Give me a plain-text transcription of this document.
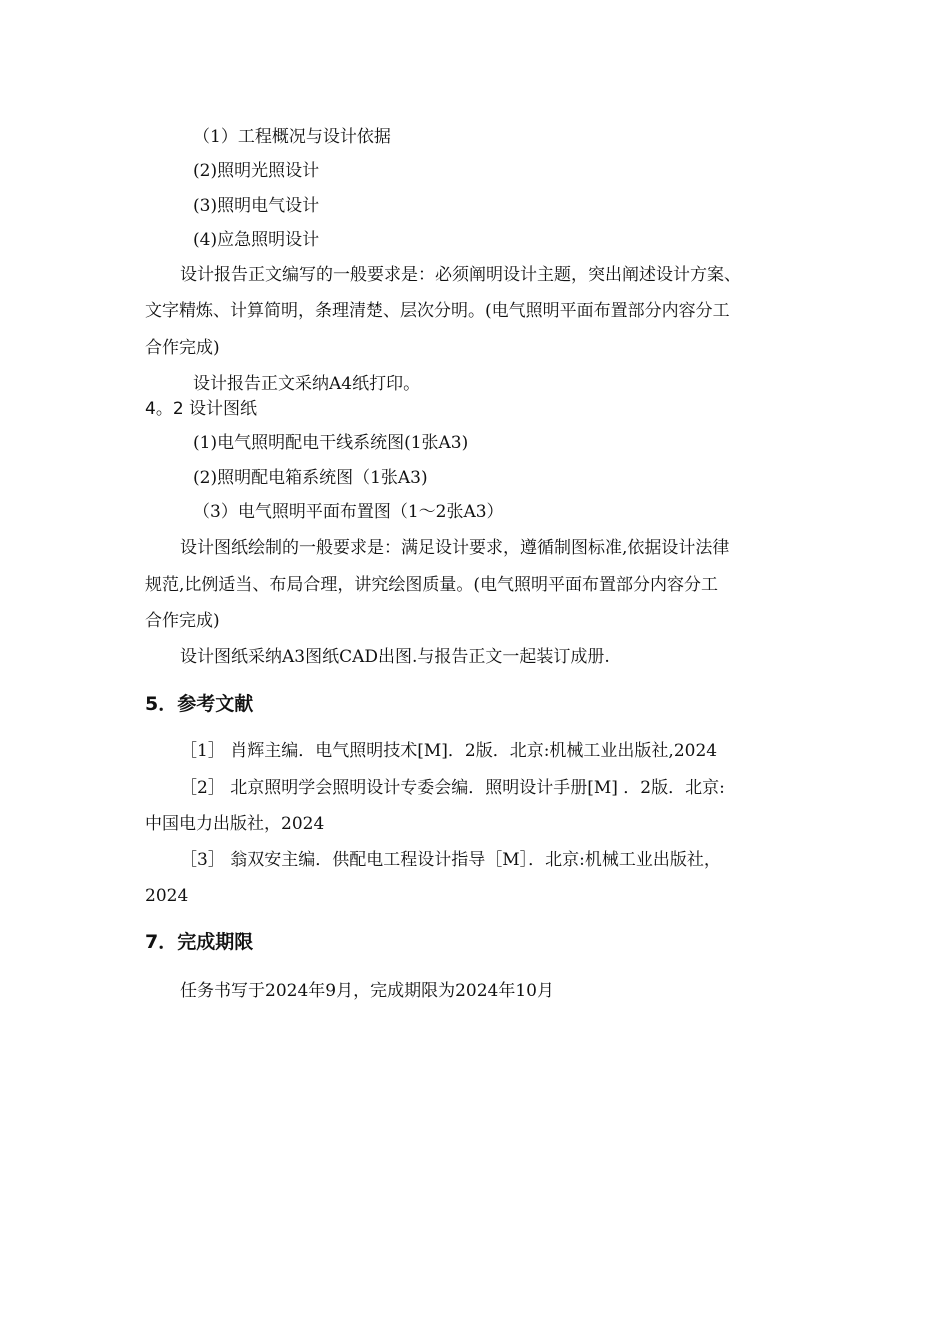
（1）工程概况与设计依据
(2)照明光照设计
(3)照明电气设计
(4)应急照明设计
设计报告正文编写的一般要求是：必须阐明设计主题，突出阐述设计方案、
文字精炼、计算简明，条理清楚、层次分明。(电气照明平面布置部分内容分工
合作完成)
设计报告正文采纳A4纸打印。
4。2 设计图纸
(1)电气照明配电干线系统图(1张A3)
(2)照明配电箱系统图（1张A3)
（3）电气照明平面布置图（1～2张A3）
设计图纸绘制的一般要求是：满足设计要求，遵循制图标准,依据设计法律
规范,比例适当、布局合理，讲究绘图质量。(电气照明平面布置部分内容分工
合作完成)
设计图纸采纳A3图纸CAD出图.与报告正文一起装订成册.
5．参考文献
［1］ 肖辉主编．电气照明技术[M]．2版．北京:机械工业出版社,2024
［2］ 北京照明学会照明设计专委会编．照明设计手册[M] ．2版．北京:
中国电力出版社，2024
［3］ 翁双安主编．供配电工程设计指导［M］．北京:机械工业出版社，
2024
7．完成期限
任务书写于2024年9月，完成期限为2024年10月
